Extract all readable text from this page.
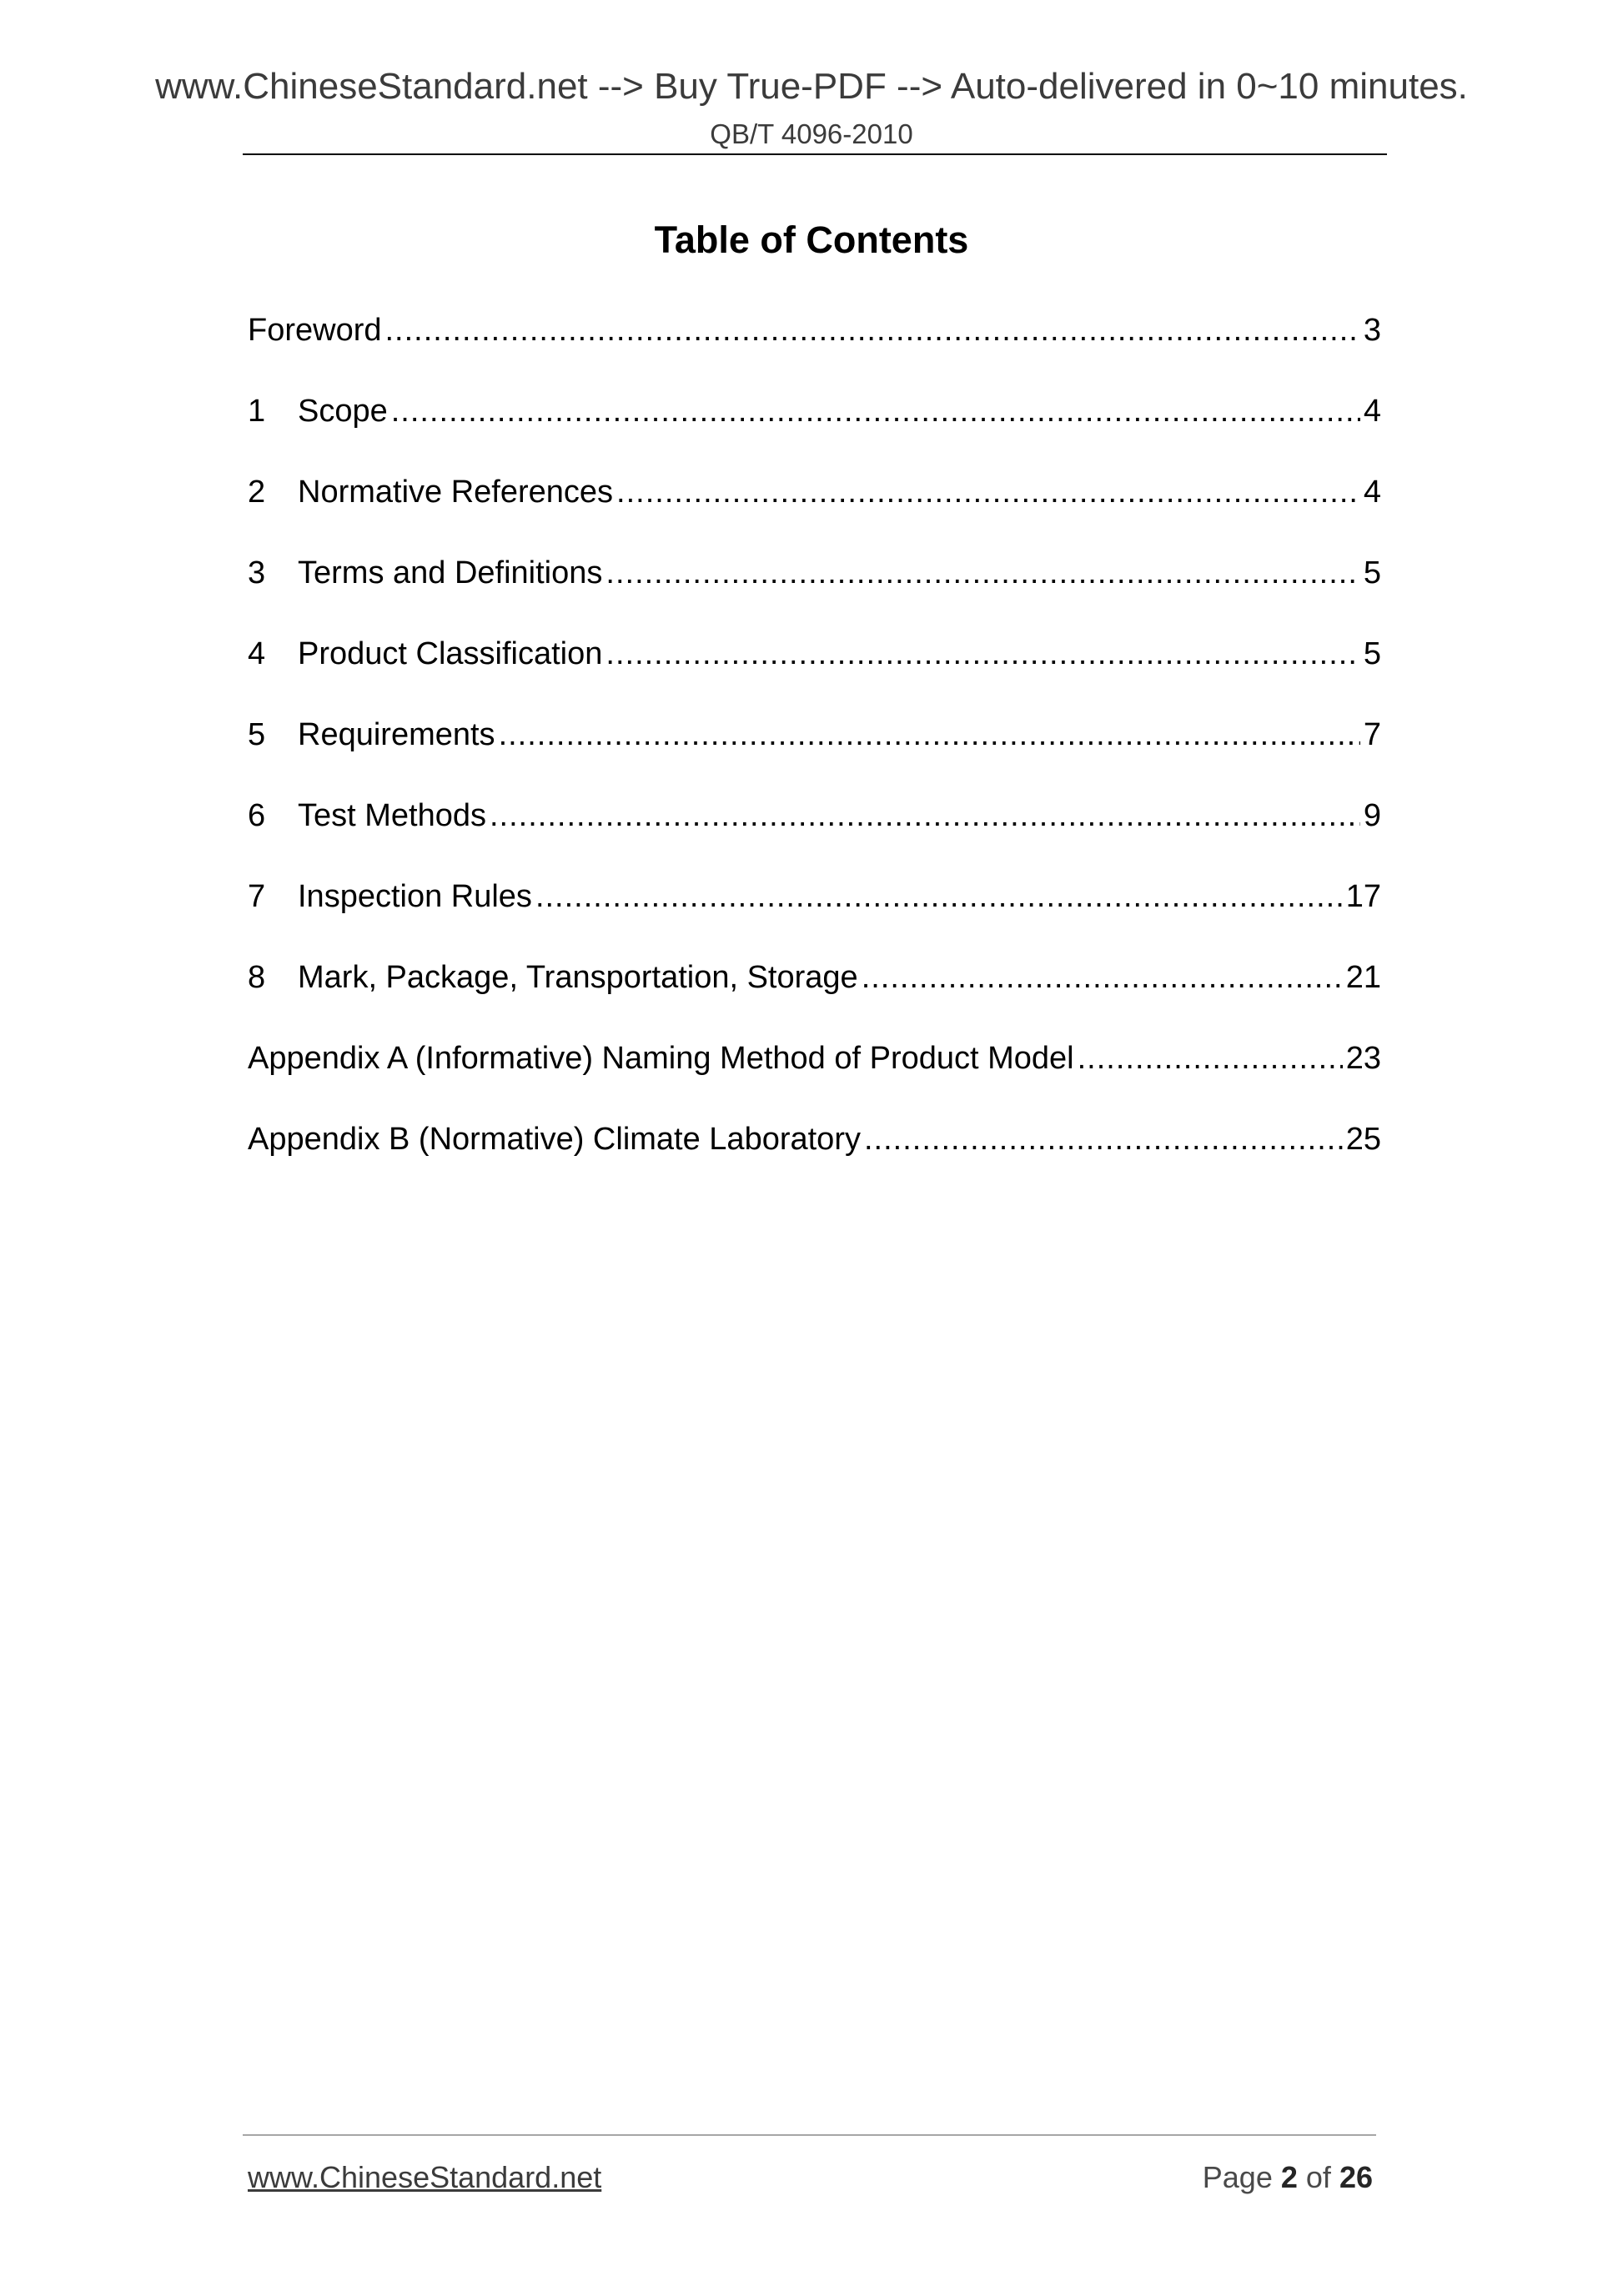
www.ChineseStandard.net --> Buy True-PDF --> Auto-delivered in 0~10 minutes.
QB/T 4096-2010
Table of Contents
Foreword .....	3
1	Scope .....	4
2	Normative References .....	4
3	Terms and Definitions .....	5
4	Product Classification .....	5
5	Requirements .....	7
6	Test Methods .....	9
7	Inspection Rules .....	17
8	Mark, Package, Transportation, Storage .....	21
Appendix A (Informative) Naming Method of Product Model .....	23
Appendix B (Normative) Climate Laboratory .....	25
www.ChineseStandard.net	Page 2 of 26
